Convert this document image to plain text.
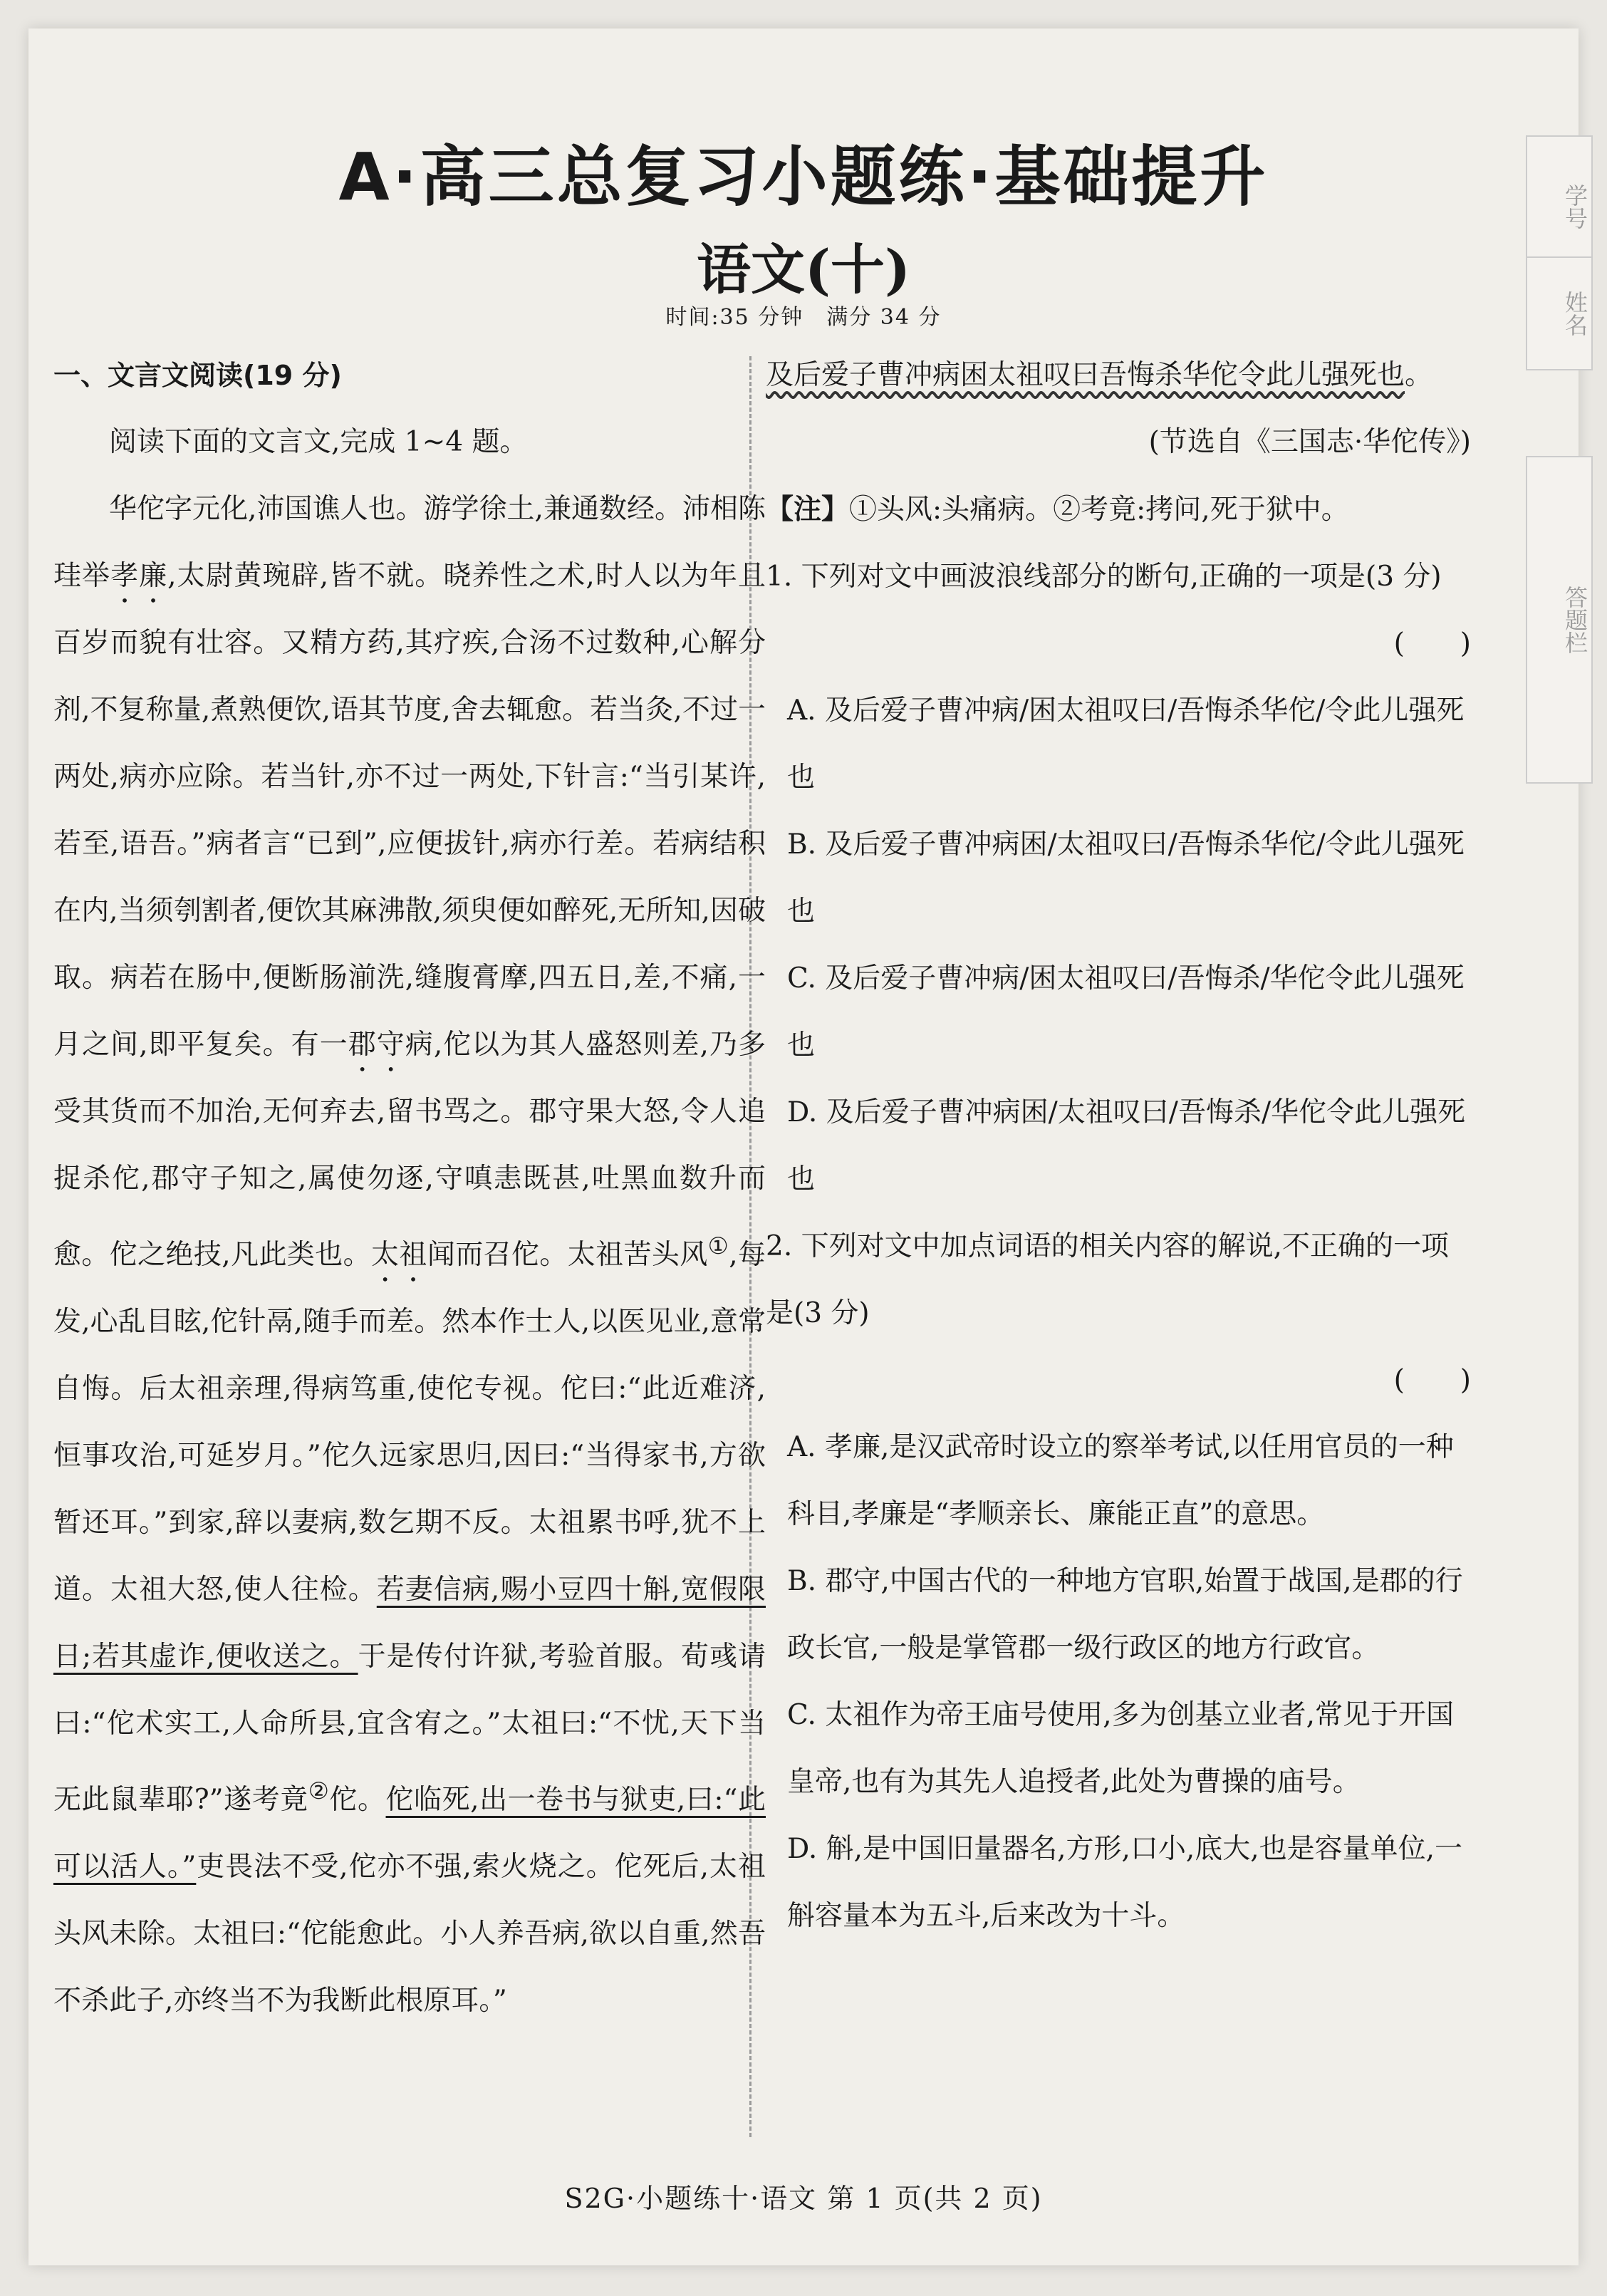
学号
姓名
答题栏
A·高三总复习小题练·基础提升
语文(十)
时间:35 分钟　满分 34 分
一、文言文阅读(19 分)

阅读下面的文言文,完成 1~4 题。

华佗字元化,沛国谯人也。游学徐土,兼通数经。沛相陈珪举孝廉,太尉黄琬辟,皆不就。晓养性之术,时人以为年且百岁而貌有壮容。又精方药,其疗疾,合汤不过数种,心解分剂,不复称量,煮熟便饮,语其节度,舍去辄愈。若当灸,不过一两处,病亦应除。若当针,亦不过一两处,下针言:“当引某许,若至,语吾。”病者言“已到”,应便拔针,病亦行差。若病结积在内,当须刳割者,便饮其麻沸散,须臾便如醉死,无所知,因破取。病若在肠中,便断肠湔洗,缝腹膏摩,四五日,差,不痛,一月之间,即平复矣。有一郡守病,佗以为其人盛怒则差,乃多受其货而不加治,无何弃去,留书骂之。郡守果大怒,令人追捉杀佗,郡守子知之,属使勿逐,守嗔恚既甚,吐黑血数升而愈。佗之绝技,凡此类也。太祖闻而召佗。太祖苦头风①,每发,心乱目眩,佗针鬲,随手而差。然本作士人,以医见业,意常自悔。后太祖亲理,得病笃重,使佗专视。佗曰:“此近难济,恒事攻治,可延岁月。”佗久远家思归,因曰:“当得家书,方欲暂还耳。”到家,辞以妻病,数乞期不反。太祖累书呼,犹不上道。太祖大怒,使人往检。若妻信病,赐小豆四十斛,宽假限日;若其虚诈,便收送之。于是传付许狱,考验首服。荀彧请曰:“佗术实工,人命所县,宜含宥之。”太祖曰:“不忧,天下当无此鼠辈耶?”遂考竟②佗。佗临死,出一卷书与狱吏,曰:“此可以活人。”吏畏法不受,佗亦不强,索火烧之。佗死后,太祖头风未除。太祖曰:“佗能愈此。小人养吾病,欲以自重,然吾不杀此子,亦终当不为我断此根原耳。”

及后爱子曹冲病困太祖叹曰吾悔杀华佗令此儿强死也。

(节选自《三国志·华佗传》)

【注】①头风:头痛病。②考竟:拷问,死于狱中。

1. 下列对文中画波浪线部分的断句,正确的一项是(3 分)
(　　)

A. 及后爱子曹冲病/困太祖叹曰/吾悔杀华佗/令此儿强死也

B. 及后爱子曹冲病困/太祖叹曰/吾悔杀华佗/令此儿强死也

C. 及后爱子曹冲病/困太祖叹曰/吾悔杀/华佗令此儿强死也

D. 及后爱子曹冲病困/太祖叹曰/吾悔杀/华佗令此儿强死也

2. 下列对文中加点词语的相关内容的解说,不正确的一项是(3 分)
(　　)

A. 孝廉,是汉武帝时设立的察举考试,以任用官员的一种科目,孝廉是“孝顺亲长、廉能正直”的意思。

B. 郡守,中国古代的一种地方官职,始置于战国,是郡的行政长官,一般是掌管郡一级行政区的地方行政官。

C. 太祖作为帝王庙号使用,多为创基立业者,常见于开国皇帝,也有为其先人追授者,此处为曹操的庙号。

D. 斛,是中国旧量器名,方形,口小,底大,也是容量单位,一斛容量本为五斗,后来改为十斗。

S2G·小题练十·语文 第 1 页(共 2 页)
